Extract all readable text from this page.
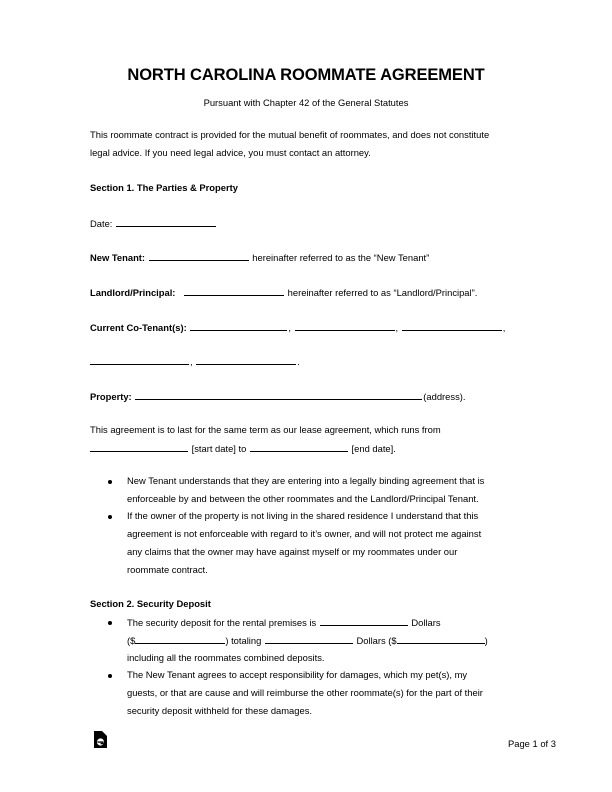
NORTH CAROLINA ROOMMATE AGREEMENT
Pursuant with Chapter 42 of the General Statutes
This roommate contract is provided for the mutual benefit of roommates, and does not constitute
legal advice. If you need legal advice, you must contact an attorney.
Section 1. The Parties & Property
Date:
New Tenant:	hereinafter referred to as the “New Tenant”
Landlord/Principal:	hereinafter referred to as “Landlord/Principal”.
Current Co-Tenant(s):	,	,	,
,	.
Property:	(address).
This agreement is to last for the same term as our lease agreement, which runs from
[start date] to	[end date].
New Tenant understands that they are entering into a legally binding agreement that is
enforceable by and between the other roommates and the Landlord/Principal Tenant.
If the owner of the property is not living in the shared residence I understand that this
agreement is not enforceable with regard to it’s owner, and will not protect me against
any claims that the owner may have against myself or my roommates under our
roommate contract.
Section 2. Security Deposit
The security deposit for the rental premises is	Dollars
($	) totaling	Dollars ($	)
including all the roommates combined deposits.
The New Tenant agrees to accept responsibility for damages, which my pet(s), my
guests, or that are cause and will reimburse the other roommate(s) for the part of their
security deposit withheld for these damages.
Page 1 of 3
